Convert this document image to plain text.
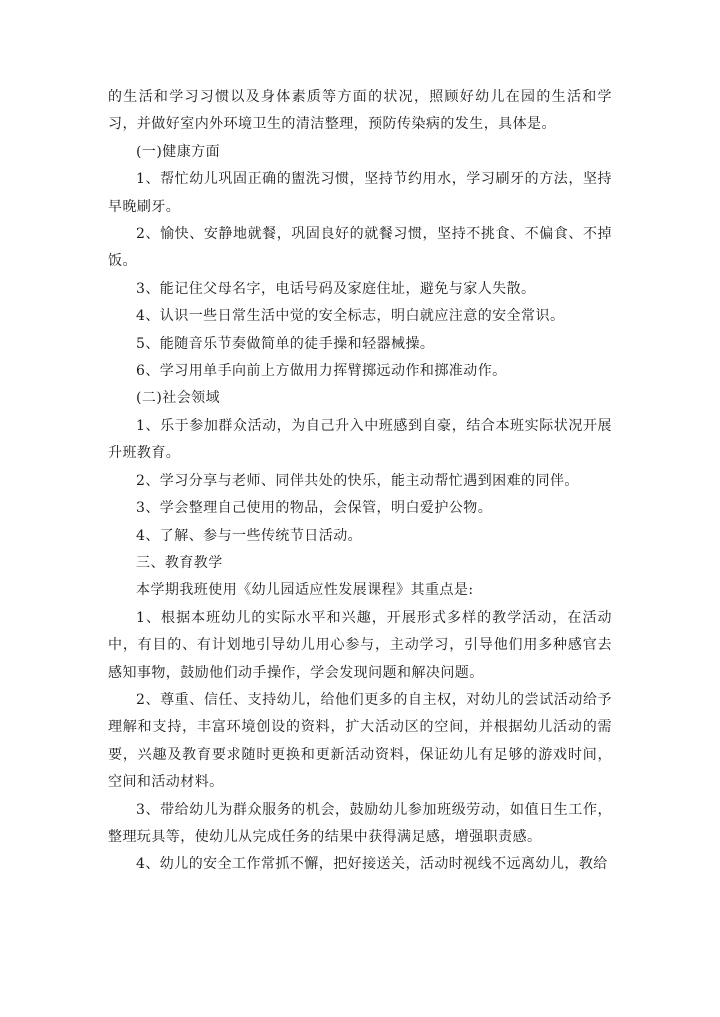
的生活和学习习惯以及身体素质等方面的状况，照顾好幼儿在园的生活和学习，并做好室内外环境卫生的清洁整理，预防传染病的发生，具体是。

(一)健康方面

1、帮忙幼儿巩固正确的盥洗习惯，坚持节约用水，学习刷牙的方法，坚持早晚刷牙。

2、愉快、安静地就餐，巩固良好的就餐习惯，坚持不挑食、不偏食、不掉饭。

3、能记住父母名字，电话号码及家庭住址，避免与家人失散。

4、认识一些日常生活中觉的安全标志，明白就应注意的安全常识。

5、能随音乐节奏做简单的徒手操和轻器械操。

6、学习用单手向前上方做用力挥臂掷远动作和掷准动作。

(二)社会领域

1、乐于参加群众活动，为自己升入中班感到自豪，结合本班实际状况开展升班教育。

2、学习分享与老师、同伴共处的快乐，能主动帮忙遇到困难的同伴。

3、学会整理自己使用的物品，会保管，明白爱护公物。

4、了解、参与一些传统节日活动。

三、教育教学

本学期我班使用《幼儿园适应性发展课程》其重点是:

1、根据本班幼儿的实际水平和兴趣，开展形式多样的教学活动，在活动中，有目的、有计划地引导幼儿用心参与，主动学习，引导他们用多种感官去感知事物，鼓励他们动手操作，学会发现问题和解决问题。

2、尊重、信任、支持幼儿，给他们更多的自主权，对幼儿的尝试活动给予理解和支持，丰富环境创设的资料，扩大活动区的空间，并根据幼儿活动的需要，兴趣及教育要求随时更换和更新活动资料，保证幼儿有足够的游戏时间，空间和活动材料。

3、带给幼儿为群众服务的机会，鼓励幼儿参加班级劳动，如值日生工作，整理玩具等，使幼儿从完成任务的结果中获得满足感，增强职责感。

4、幼儿的安全工作常抓不懈，把好接送关，活动时视线不远离幼儿，教给
